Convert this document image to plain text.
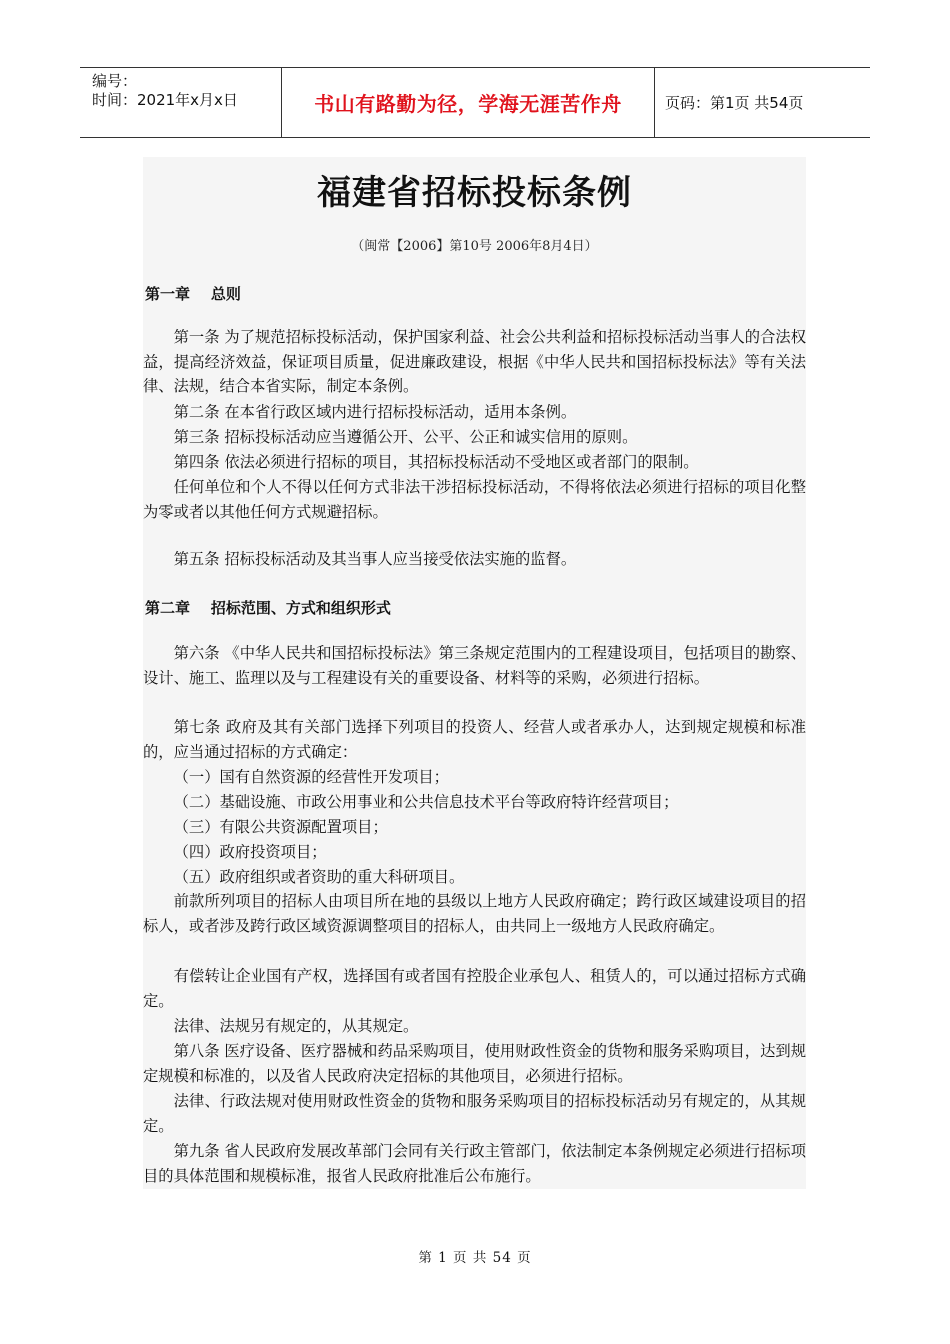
编号：
时间：2021年x月x日	书山有路勤为径，学海无涯苦作舟	页码：第1页 共54页
福建省招标投标条例
（闽常【2006】第10号 2006年8月4日）
第一章    总则

第一条 为了规范招标投标活动，保护国家利益、社会公共利益和招标投标活动当事人的合法权益，提高经济效益，保证项目质量，促进廉政建设，根据《中华人民共和国招标投标法》等有关法律、法规，结合本省实际，制定本条例。

第二条 在本省行政区域内进行招标投标活动，适用本条例。

第三条 招标投标活动应当遵循公开、公平、公正和诚实信用的原则。

第四条 依法必须进行招标的项目，其招标投标活动不受地区或者部门的限制。

任何单位和个人不得以任何方式非法干涉招标投标活动，不得将依法必须进行招标的项目化整为零或者以其他任何方式规避招标。

第五条 招标投标活动及其当事人应当接受依法实施的监督。

第二章    招标范围、方式和组织形式

第六条 《中华人民共和国招标投标法》第三条规定范围内的工程建设项目，包括项目的勘察、设计、施工、监理以及与工程建设有关的重要设备、材料等的采购，必须进行招标。

第七条 政府及其有关部门选择下列项目的投资人、经营人或者承办人，达到规定规模和标准的，应当通过招标的方式确定：

（一）国有自然资源的经营性开发项目；

（二）基础设施、市政公用事业和公共信息技术平台等政府特许经营项目；

（三）有限公共资源配置项目；

（四）政府投资项目；

（五）政府组织或者资助的重大科研项目。

前款所列项目的招标人由项目所在地的县级以上地方人民政府确定；跨行政区域建设项目的招标人，或者涉及跨行政区域资源调整项目的招标人，由共同上一级地方人民政府确定。

有偿转让企业国有产权，选择国有或者国有控股企业承包人、租赁人的，可以通过招标方式确定。

法律、法规另有规定的，从其规定。

第八条 医疗设备、医疗器械和药品采购项目，使用财政性资金的货物和服务采购项目，达到规定规模和标准的，以及省人民政府决定招标的其他项目，必须进行招标。

法律、行政法规对使用财政性资金的货物和服务采购项目的招标投标活动另有规定的，从其规定。

第九条 省人民政府发展改革部门会同有关行政主管部门，依法制定本条例规定必须进行招标项目的具体范围和规模标准，报省人民政府批准后公布施行。

第 1 页 共 54 页
